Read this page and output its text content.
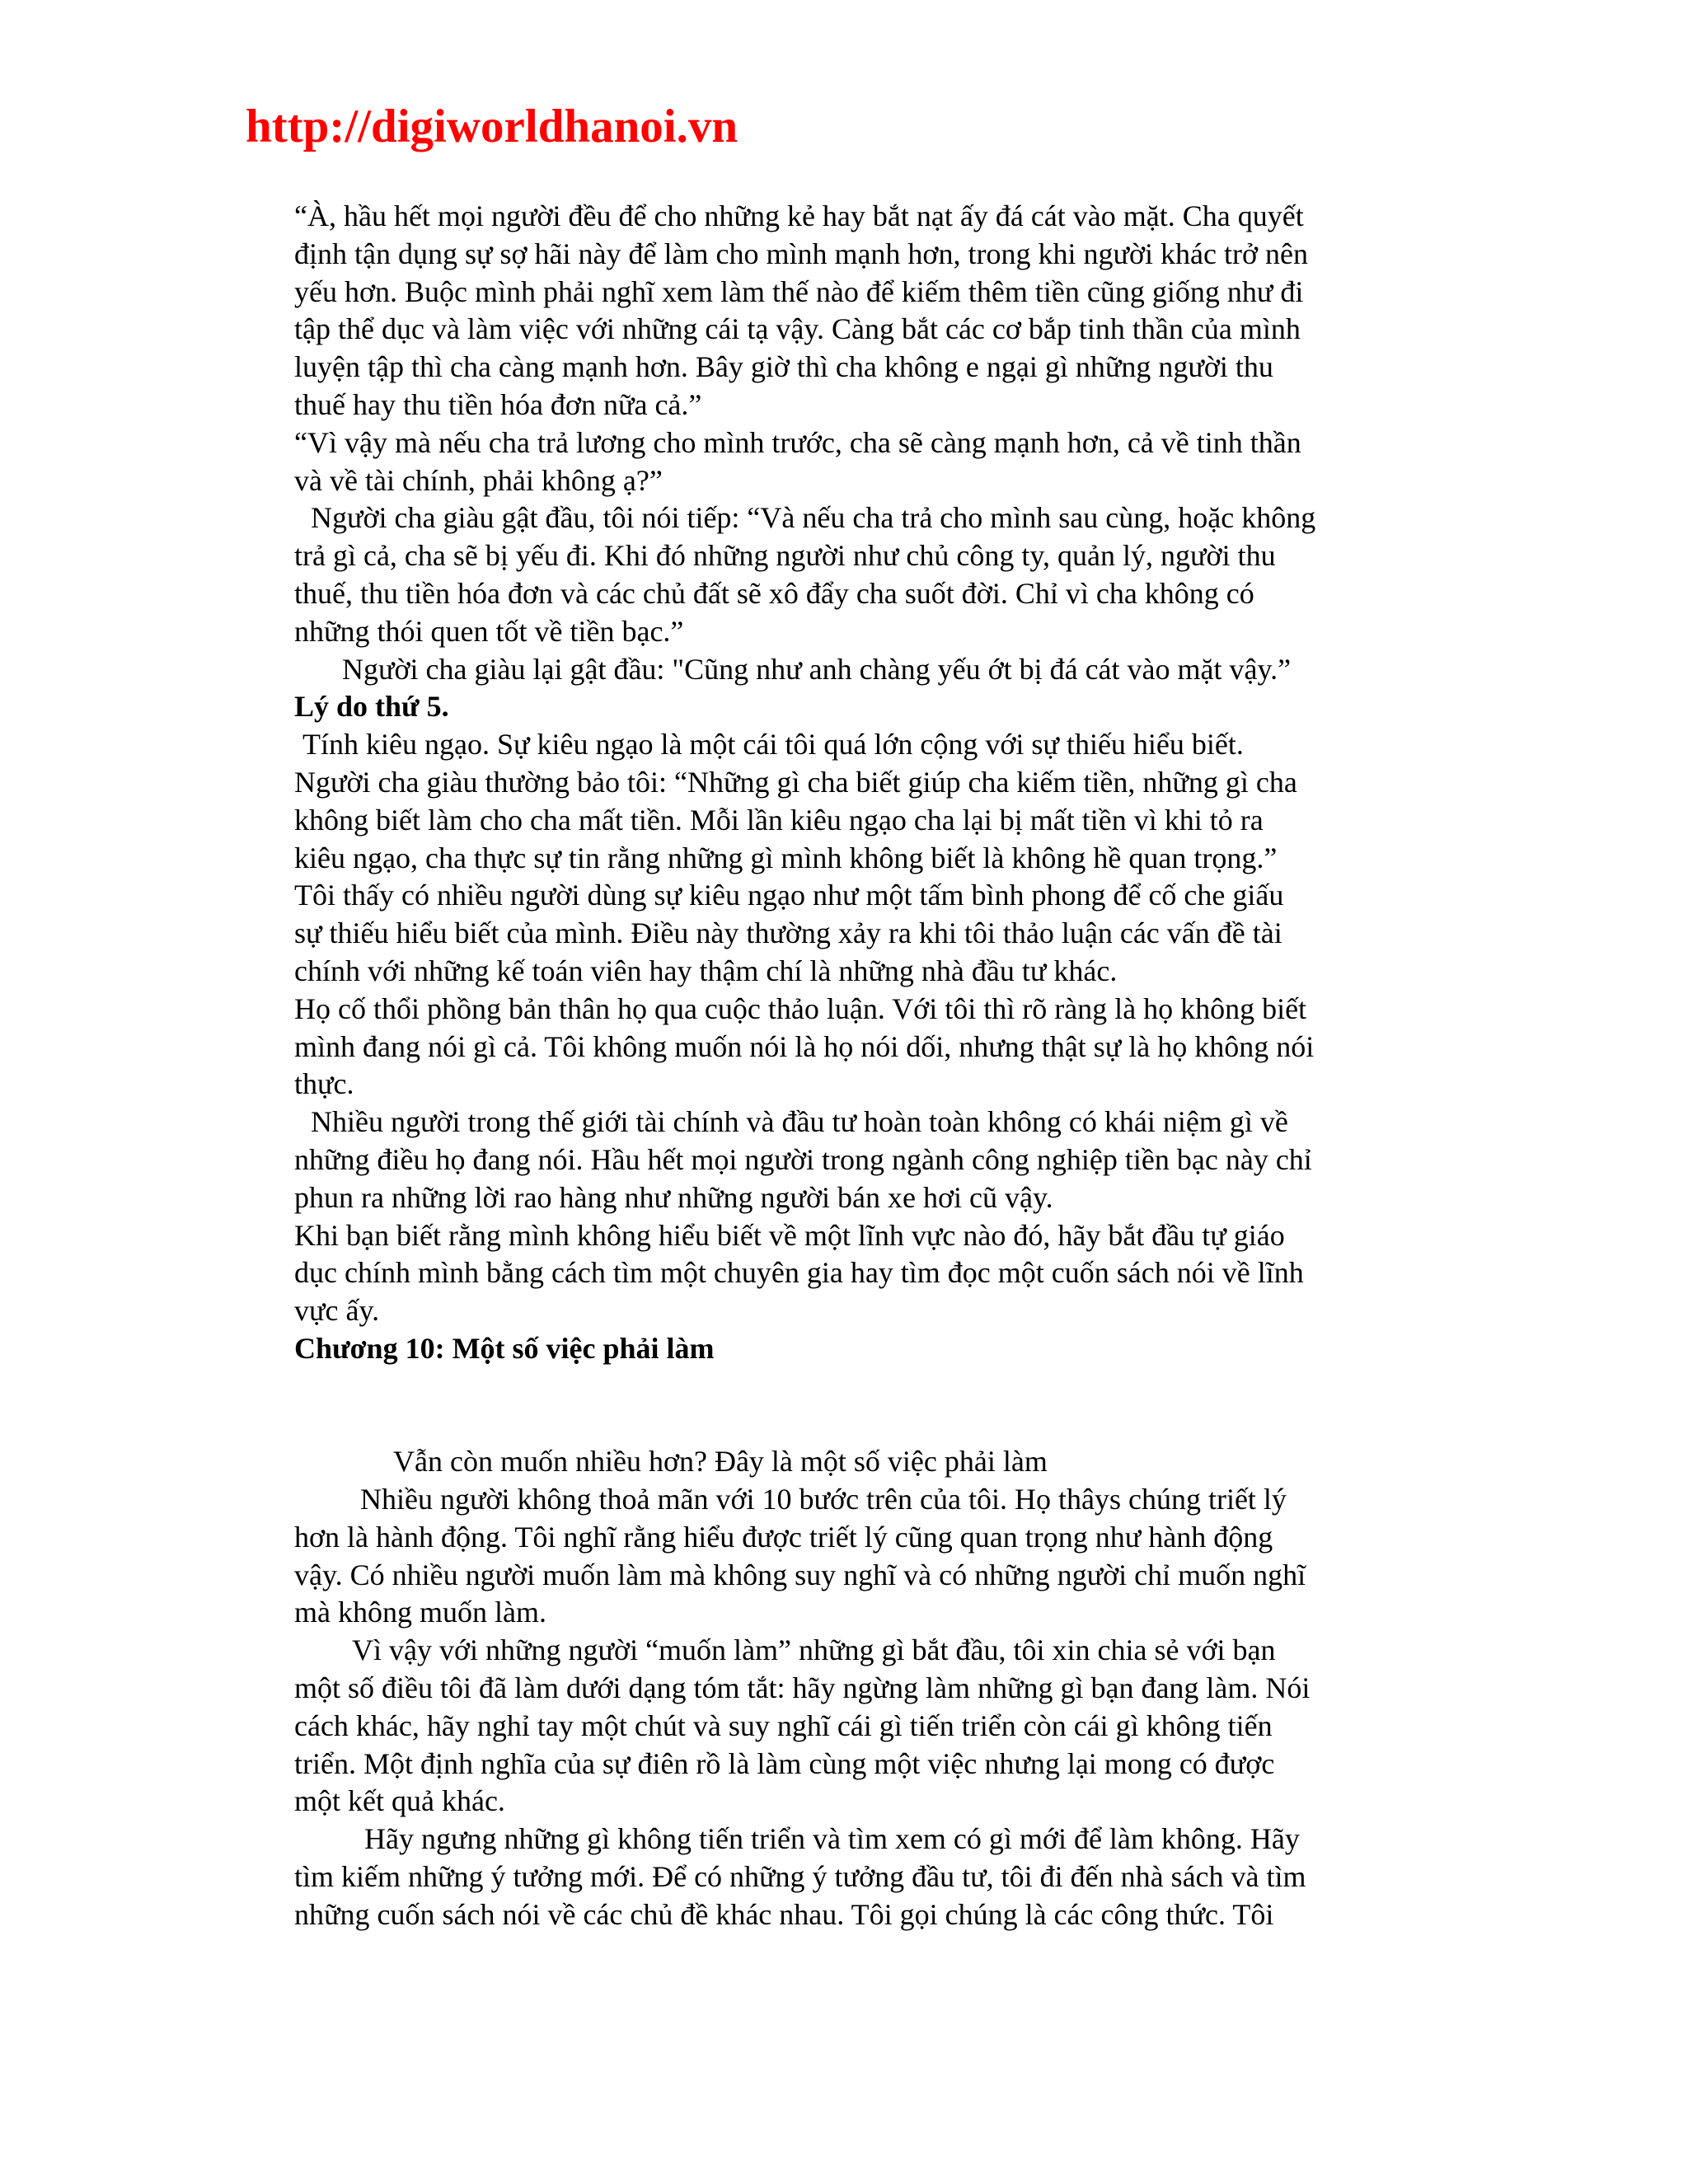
http://digiworldhanoi.vn
“À, hầu hết mọi người đều để cho những kẻ hay bắt nạt ấy đá cát vào mặt. Cha quyết
định tận dụng sự sợ hãi này để làm cho mình mạnh hơn, trong khi người khác trở nên
yếu hơn. Buộc mình phải nghĩ xem làm thế nào để kiếm thêm tiền cũng giống như đi
tập thể dục và làm việc với những cái tạ vậy. Càng bắt các cơ bắp tinh thần của mình
luyện tập thì cha càng mạnh hơn. Bây giờ thì cha không e ngại gì những người thu
thuế hay thu tiền hóa đơn nữa cả.”
“Vì vậy mà nếu cha trả lương cho mình trước, cha sẽ càng mạnh hơn, cả về tinh thần
và về tài chính, phải không ạ?”
Người cha giàu gật đầu, tôi nói tiếp: “Và nếu cha trả cho mình sau cùng, hoặc không
trả gì cả, cha sẽ bị yếu đi. Khi đó những người như chủ công ty, quản lý, người thu
thuế, thu tiền hóa đơn và các chủ đất sẽ xô đẩy cha suốt đời. Chỉ vì cha không có
những thói quen tốt về tiền bạc.”
Người cha giàu lại gật đầu: "Cũng như anh chàng yếu ớt bị đá cát vào mặt vậy.”
Lý do thứ 5.
Tính kiêu ngạo. Sự kiêu ngạo là một cái tôi quá lớn cộng với sự thiếu hiểu biết.
Người cha giàu thường bảo tôi: “Những gì cha biết giúp cha kiếm tiền, những gì cha
không biết làm cho cha mất tiền. Mỗi lần kiêu ngạo cha lại bị mất tiền vì khi tỏ ra
kiêu ngạo, cha thực sự tin rằng những gì mình không biết là không hề quan trọng.”
Tôi thấy có nhiều người dùng sự kiêu ngạo như một tấm bình phong để cố che giấu
sự thiếu hiểu biết của mình. Điều này thường xảy ra khi tôi thảo luận các vấn đề tài
chính với những kế toán viên hay thậm chí là những nhà đầu tư khác.
Họ cố thổi phồng bản thân họ qua cuộc thảo luận. Với tôi thì rõ ràng là họ không biết
mình đang nói gì cả. Tôi không muốn nói là họ nói dối, nhưng thật sự là họ không nói
thực.
Nhiều người trong thế giới tài chính và đầu tư hoàn toàn không có khái niệm gì về
những điều họ đang nói. Hầu hết mọi người trong ngành công nghiệp tiền bạc này chỉ
phun ra những lời rao hàng như những người bán xe hơi cũ vậy.
Khi bạn biết rằng mình không hiểu biết về một lĩnh vực nào đó, hãy bắt đầu tự giáo
dục chính mình bằng cách tìm một chuyên gia hay tìm đọc một cuốn sách nói về lĩnh
vực ấy.
Chương 10: Một số việc phải làm
Vẫn còn muốn nhiều hơn? Đây là một số việc phải làm
Nhiều người không thoả mãn với 10 bước trên của tôi. Họ thâys chúng triết lý
hơn là hành động. Tôi nghĩ rằng hiểu được triết lý cũng quan trọng như hành động
vậy. Có nhiều người muốn làm mà không suy nghĩ và có những người chỉ muốn nghĩ
mà không muốn làm.
Vì vậy với những người “muốn làm” những gì bắt đầu, tôi xin chia sẻ với bạn
một số điều tôi đã làm dưới dạng tóm tắt: hãy ngừng làm những gì bạn đang làm. Nói
cách khác, hãy nghỉ tay một chút và suy nghĩ cái gì tiến triển còn cái gì không tiến
triển. Một định nghĩa của sự điên rồ là làm cùng một việc nhưng lại mong có được
một kết quả khác.
Hãy ngưng những gì không tiến triển và tìm xem có gì mới để làm không. Hãy
tìm kiếm những ý tưởng mới. Để có những ý tưởng đầu tư, tôi đi đến nhà sách và tìm
những cuốn sách nói về các chủ đề khác nhau. Tôi gọi chúng là các công thức. Tôi
